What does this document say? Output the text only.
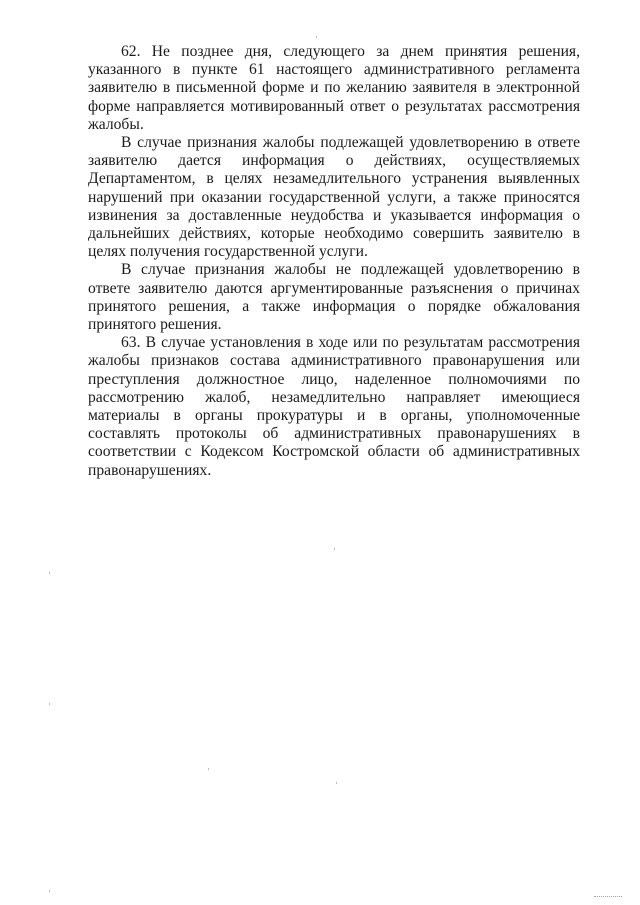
62. Не позднее дня, следующего за днем принятия решения, указанного в пункте 61 настоящего административного регламента заявителю в письменной форме и по желанию заявителя в электронной форме направляется мотивированный ответ о результатах рассмотрения жалобы.

В случае признания жалобы подлежащей удовлетворению в ответе заявителю дается информация о действиях, осуществляемых Департаментом, в целях незамедлительного устранения выявленных нарушений при оказании государственной услуги, а также приносятся извинения за доставленные неудобства и указывается информация о дальнейших действиях, которые необходимо совершить заявителю в целях получения государственной услуги.

В случае признания жалобы не подлежащей удовлетворению в ответе заявителю даются аргументированные разъяснения о причинах принятого решения, а также информация о порядке обжалования принятого решения.

63. В случае установления в ходе или по результатам рассмотрения жалобы признаков состава административного правонарушения или преступления должностное лицо, наделенное полномочиями по рассмотрению жалоб, незамедлительно направляет имеющиеся материалы в органы прокуратуры и в органы, уполномоченные составлять протоколы об административных правонарушениях в соответствии с Кодексом Костромской области об административных правонарушениях.
